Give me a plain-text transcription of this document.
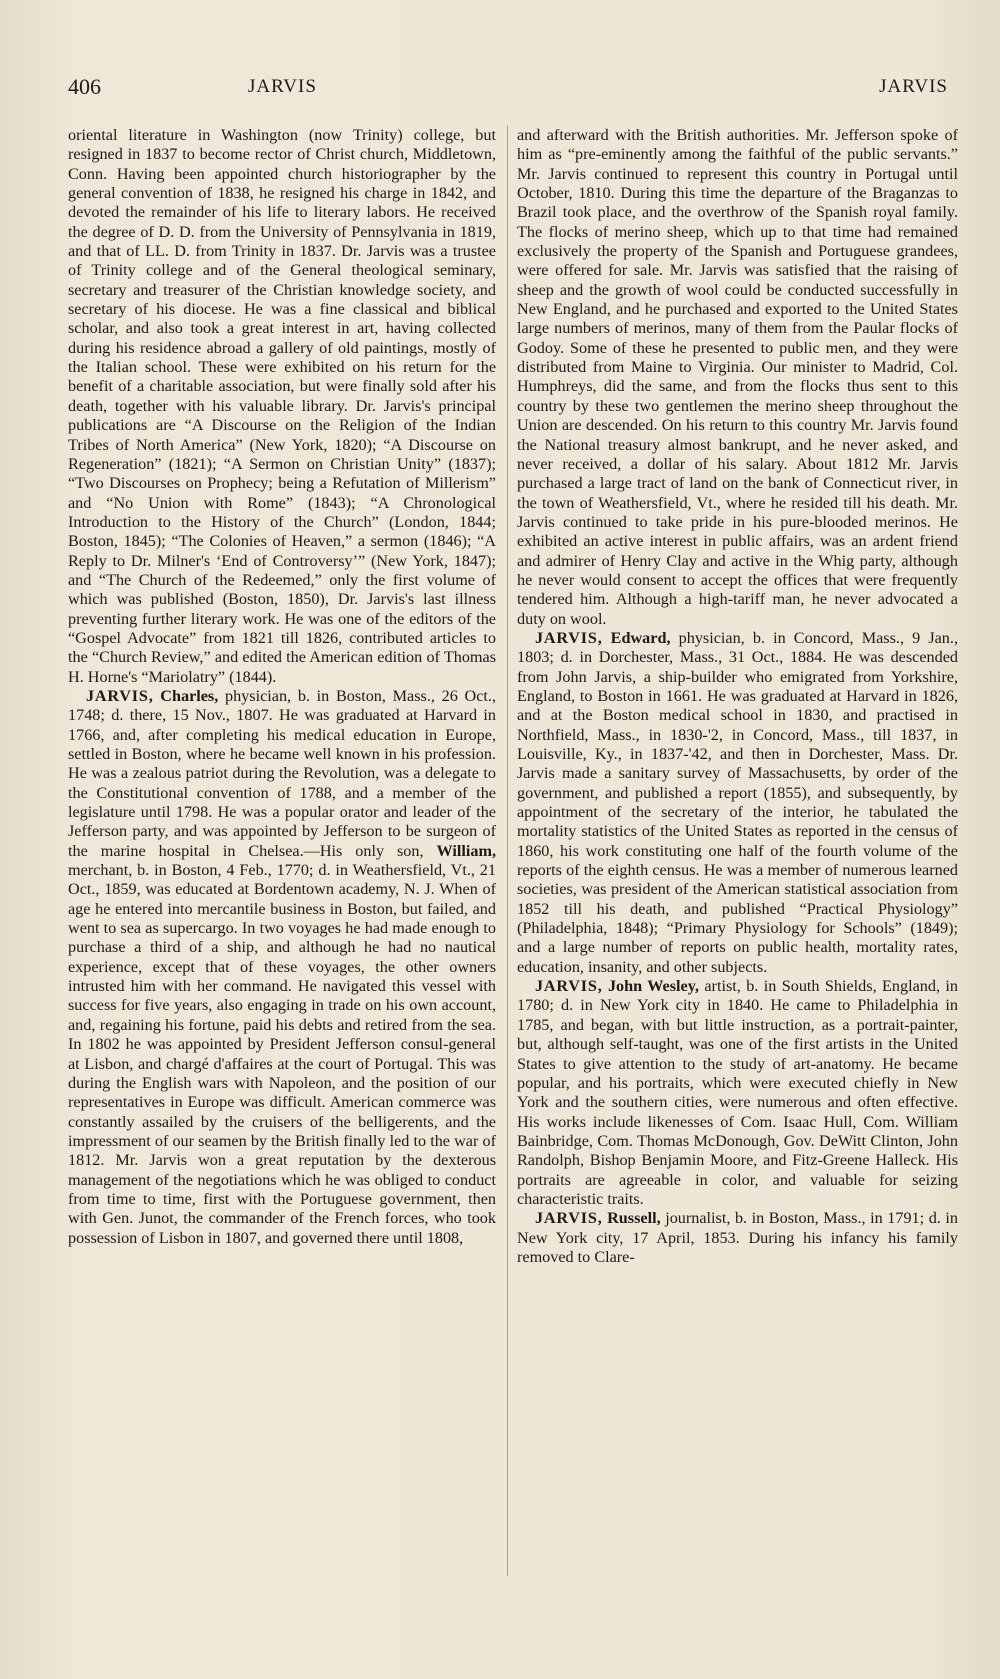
406	JARVIS	JARVIS

oriental literature in Washington (now Trinity) college, but resigned in 1837 to become rector of Christ church, Middletown, Conn. Having been appointed church historiographer by the general convention of 1838, he resigned his charge in 1842, and devoted the remainder of his life to literary labors. He received the degree of D. D. from the University of Pennsylvania in 1819, and that of LL. D. from Trinity in 1837. Dr. Jarvis was a trustee of Trinity college and of the General theological seminary, secretary and treasurer of the Christian knowledge society, and secretary of his diocese. He was a fine classical and biblical scholar, and also took a great interest in art, having collected during his residence abroad a gallery of old paintings, mostly of the Italian school. These were exhibited on his return for the benefit of a charitable association, but were finally sold after his death, together with his valuable library. Dr. Jarvis's principal publications are “A Discourse on the Religion of the Indian Tribes of North America” (New York, 1820); “A Discourse on Regeneration” (1821); “A Sermon on Christian Unity” (1837); “Two Discourses on Prophecy; being a Refutation of Millerism” and “No Union with Rome” (1843); “A Chronological Introduction to the History of the Church” (London, 1844; Boston, 1845); “The Colonies of Heaven,” a sermon (1846); “A Reply to Dr. Milner's ‘End of Controversy’” (New York, 1847); and “The Church of the Redeemed,” only the first volume of which was published (Boston, 1850), Dr. Jarvis's last illness preventing further literary work. He was one of the editors of the “Gospel Advocate” from 1821 till 1826, contributed articles to the “Church Review,” and edited the American edition of Thomas H. Horne's “Mariolatry” (1844).

JARVIS, Charles, physician, b. in Boston, Mass., 26 Oct., 1748; d. there, 15 Nov., 1807. He was graduated at Harvard in 1766, and, after completing his medical education in Europe, settled in Boston, where he became well known in his profession. He was a zealous patriot during the Revolution, was a delegate to the Constitutional convention of 1788, and a member of the legislature until 1798. He was a popular orator and leader of the Jefferson party, and was appointed by Jefferson to be surgeon of the marine hospital in Chelsea.—His only son, William, merchant, b. in Boston, 4 Feb., 1770; d. in Weathersfield, Vt., 21 Oct., 1859, was educated at Bordentown academy, N. J. When of age he entered into mercantile business in Boston, but failed, and went to sea as supercargo. In two voyages he had made enough to purchase a third of a ship, and although he had no nautical experience, except that of these voyages, the other owners intrusted him with her command. He navigated this vessel with success for five years, also engaging in trade on his own account, and, regaining his fortune, paid his debts and retired from the sea. In 1802 he was appointed by President Jefferson consul-general at Lisbon, and chargé d'affaires at the court of Portugal. This was during the English wars with Napoleon, and the position of our representatives in Europe was difficult. American commerce was constantly assailed by the cruisers of the belligerents, and the impressment of our seamen by the British finally led to the war of 1812. Mr. Jarvis won a great reputation by the dexterous management of the negotiations which he was obliged to conduct from time to time, first with the Portuguese government, then with Gen. Junot, the commander of the French forces, who took possession of Lisbon in 1807, and governed there until 1808,

and afterward with the British authorities. Mr. Jefferson spoke of him as “pre-eminently among the faithful of the public servants.” Mr. Jarvis continued to represent this country in Portugal until October, 1810. During this time the departure of the Braganzas to Brazil took place, and the overthrow of the Spanish royal family. The flocks of merino sheep, which up to that time had remained exclusively the property of the Spanish and Portuguese grandees, were offered for sale. Mr. Jarvis was satisfied that the raising of sheep and the growth of wool could be conducted successfully in New England, and he purchased and exported to the United States large numbers of merinos, many of them from the Paular flocks of Godoy. Some of these he presented to public men, and they were distributed from Maine to Virginia. Our minister to Madrid, Col. Humphreys, did the same, and from the flocks thus sent to this country by these two gentlemen the merino sheep throughout the Union are descended. On his return to this country Mr. Jarvis found the National treasury almost bankrupt, and he never asked, and never received, a dollar of his salary. About 1812 Mr. Jarvis purchased a large tract of land on the bank of Connecticut river, in the town of Weathersfield, Vt., where he resided till his death. Mr. Jarvis continued to take pride in his pure-blooded merinos. He exhibited an active interest in public affairs, was an ardent friend and admirer of Henry Clay and active in the Whig party, although he never would consent to accept the offices that were frequently tendered him. Although a high-tariff man, he never advocated a duty on wool.

JARVIS, Edward, physician, b. in Concord, Mass., 9 Jan., 1803; d. in Dorchester, Mass., 31 Oct., 1884. He was descended from John Jarvis, a ship-builder who emigrated from Yorkshire, England, to Boston in 1661. He was graduated at Harvard in 1826, and at the Boston medical school in 1830, and practised in Northfield, Mass., in 1830-'2, in Concord, Mass., till 1837, in Louisville, Ky., in 1837-'42, and then in Dorchester, Mass. Dr. Jarvis made a sanitary survey of Massachusetts, by order of the government, and published a report (1855), and subsequently, by appointment of the secretary of the interior, he tabulated the mortality statistics of the United States as reported in the census of 1860, his work constituting one half of the fourth volume of the reports of the eighth census. He was a member of numerous learned societies, was president of the American statistical association from 1852 till his death, and published “Practical Physiology” (Philadelphia, 1848); “Primary Physiology for Schools” (1849); and a large number of reports on public health, mortality rates, education, insanity, and other subjects.

JARVIS, John Wesley, artist, b. in South Shields, England, in 1780; d. in New York city in 1840. He came to Philadelphia in 1785, and began, with but little instruction, as a portrait-painter, but, although self-taught, was one of the first artists in the United States to give attention to the study of art-anatomy. He became popular, and his portraits, which were executed chiefly in New York and the southern cities, were numerous and often effective. His works include likenesses of Com. Isaac Hull, Com. William Bainbridge, Com. Thomas McDonough, Gov. DeWitt Clinton, John Randolph, Bishop Benjamin Moore, and Fitz-Greene Halleck. His portraits are agreeable in color, and valuable for seizing characteristic traits.

JARVIS, Russell, journalist, b. in Boston, Mass., in 1791; d. in New York city, 17 April, 1853. During his infancy his family removed to Clare-
